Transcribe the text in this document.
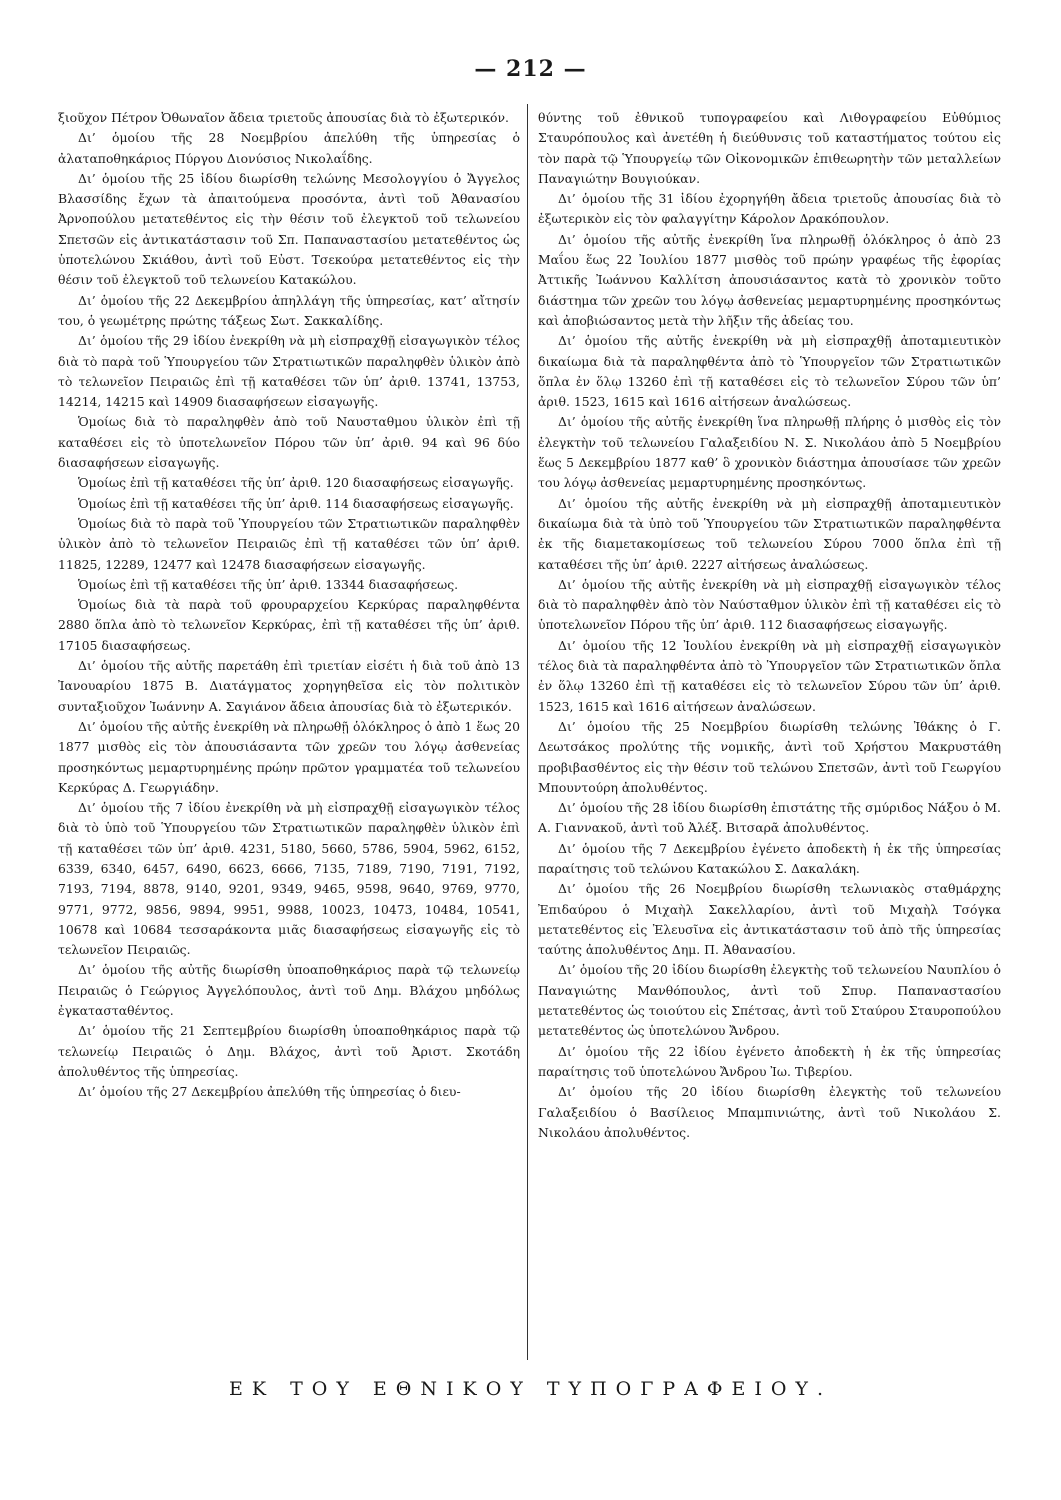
— 212 —

ξιοῦχον Πέτρον Ὀθωναῖον ἄδεια τριετοῦς ἀπουσίας διὰ τὸ ἐξωτερικόν.

Δι’ ὁμοίου τῆς 28 Νοεμβρίου ἀπελύθη τῆς ὑπηρεσίας ὁ ἀλαταποθηκάριος Πύργου Διονύσιος Νικολαΐδης.

Δι’ ὁμοίου τῆς 25 ἰδίου διωρίσθη τελώνης Μεσολογγίου ὁ Ἄγγελος Βλασσίδης ἔχων τὰ ἀπαιτούμενα προσόντα, ἀντὶ τοῦ Ἀθανασίου Ἀρνοπούλου μετατεθέντος εἰς τὴν θέσιν τοῦ ἐλεγκτοῦ τοῦ τελωνείου Σπετσῶν εἰς ἀντικατάστασιν τοῦ Σπ. Παπαναστασίου μετατεθέντος ὡς ὑποτελώνου Σκιάθου, ἀντὶ τοῦ Εὐστ. Τσεκούρα μετατεθέντος εἰς τὴν θέσιν τοῦ ἐλεγκτοῦ τοῦ τελωνείου Κατακώλου.

Δι’ ὁμοίου τῆς 22 Δεκεμβρίου ἀπηλλάγη τῆς ὑπηρεσίας, κατ’ αἴτησίν του, ὁ γεωμέτρης πρώτης τάξεως Σωτ. Σακκαλίδης.

Δι’ ὁμοίου τῆς 29 ἰδίου ἐνεκρίθη νὰ μὴ εἰσπραχθῇ εἰσαγωγικὸν τέλος διὰ τὸ παρὰ τοῦ Ὑπουργείου τῶν Στρατιωτικῶν παραληφθὲν ὑλικὸν ἀπὸ τὸ τελωνεῖον Πειραιῶς ἐπὶ τῇ καταθέσει τῶν ὑπ’ ἀριθ. 13741, 13753, 14214, 14215 καὶ 14909 διασαφήσεων εἰσαγωγῆς.

Ὁμοίως διὰ τὸ παραληφθὲν ἀπὸ τοῦ Ναυσταθμου ὑλικὸν ἐπὶ τῇ καταθέσει εἰς τὸ ὑποτελωνεῖον Πόρου τῶν ὑπ’ ἀριθ. 94 καὶ 96 δύο διασαφήσεων εἰσαγωγῆς.

Ὁμοίως ἐπὶ τῇ καταθέσει τῆς ὑπ’ ἀριθ. 120 διασαφήσεως εἰσαγωγῆς.

Ὁμοίως ἐπὶ τῇ καταθέσει τῆς ὑπ’ ἀριθ. 114 διασαφήσεως εἰσαγωγῆς.

Ὁμοίως διὰ τὸ παρὰ τοῦ Ὑπουργείου τῶν Στρατιωτικῶν παραληφθὲν ὑλικὸν ἀπὸ τὸ τελωνεῖον Πειραιῶς ἐπὶ τῇ καταθέσει τῶν ὑπ’ ἀριθ. 11825, 12289, 12477 καὶ 12478 διασαφήσεων εἰσαγωγῆς.

Ὁμοίως ἐπὶ τῇ καταθέσει τῆς ὑπ’ ἀριθ. 13344 διασαφήσεως.

Ὁμοίως διὰ τὰ παρὰ τοῦ φρουραρχείου Κερκύρας παραληφθέντα 2880 ὅπλα ἀπὸ τὸ τελωνεῖον Κερκύρας, ἐπὶ τῇ καταθέσει τῆς ὑπ’ ἀριθ. 17105 διασαφήσεως.

Δι’ ὁμοίου τῆς αὐτῆς παρετάθη ἐπὶ τριετίαν εἰσέτι ἡ διὰ τοῦ ἀπὸ 13 Ἰανουαρίου 1875 Β. Διατάγματος χορηγηθεῖσα εἰς τὸν πολιτικὸν συνταξιοῦχον Ἰωάννην Α. Σαγιάνον ἄδεια ἀπουσίας διὰ τὸ ἐξωτερικόν.

Δι’ ὁμοίου τῆς αὐτῆς ἐνεκρίθη νὰ πληρωθῇ ὁλόκληρος ὁ ἀπὸ 1 ἕως 20 1877 μισθὸς εἰς τὸν ἀπουσιάσαντα τῶν χρεῶν του λόγῳ ἀσθενείας προσηκόντως μεμαρτυρημένης πρώην πρῶτον γραμματέα τοῦ τελωνείου Κερκύρας Δ. Γεωργιάδην.

Δι’ ὁμοίου τῆς 7 ἰδίου ἐνεκρίθη νὰ μὴ εἰσπραχθῇ εἰσαγωγικὸν τέλος διὰ τὸ ὑπὸ τοῦ Ὑπουργείου τῶν Στρατιωτικῶν παραληφθὲν ὑλικὸν ἐπὶ τῇ καταθέσει τῶν ὑπ’ ἀριθ. 4231, 5180, 5660, 5786, 5904, 5962, 6152, 6339, 6340, 6457, 6490, 6623, 6666, 7135, 7189, 7190, 7191, 7192, 7193, 7194, 8878, 9140, 9201, 9349, 9465, 9598, 9640, 9769, 9770, 9771, 9772, 9856, 9894, 9951, 9988, 10023, 10473, 10484, 10541, 10678 καὶ 10684 τεσσαράκοντα μιᾶς διασαφήσεως εἰσαγωγῆς εἰς τὸ τελωνεῖον Πειραιῶς.

Δι’ ὁμοίου τῆς αὐτῆς διωρίσθη ὑποαποθηκάριος παρὰ τῷ τελωνείῳ Πειραιῶς ὁ Γεώργιος Ἀγγελόπουλος, ἀντὶ τοῦ Δημ. Βλάχου μηδόλως ἐγκατασταθέντος.

Δι’ ὁμοίου τῆς 21 Σεπτεμβρίου διωρίσθη ὑποαποθηκάριος παρὰ τῷ τελωνείῳ Πειραιῶς ὁ Δημ. Βλάχος, ἀντὶ τοῦ Ἀριστ. Σκοτάδη ἀπολυθέντος τῆς ὑπηρεσίας.

Δι’ ὁμοίου τῆς 27 Δεκεμβρίου ἀπελύθη τῆς ὑπηρεσίας ὁ διευ-

θύντης τοῦ ἐθνικοῦ τυπογραφείου καὶ Λιθογραφείου Εὐθύμιος Σταυρόπουλος καὶ ἀνετέθη ἡ διεύθυνσις τοῦ καταστήματος τούτου εἰς τὸν παρὰ τῷ Ὑπουργείῳ τῶν Οἰκονομικῶν ἐπιθεωρητὴν τῶν μεταλλείων Παναγιώτην Βουγιούκαν.

Δι’ ὁμοίου τῆς 31 ἰδίου ἐχορηγήθη ἄδεια τριετοῦς ἀπουσίας διὰ τὸ ἐξωτερικὸν εἰς τὸν φαλαγγίτην Κάρολον Δρακόπουλον.

Δι’ ὁμοίου τῆς αὐτῆς ἐνεκρίθη ἵνα πληρωθῇ ὁλόκληρος ὁ ἀπὸ 23 Μαΐου ἕως 22 Ἰουλίου 1877 μισθὸς τοῦ πρώην γραφέως τῆς ἐφορίας Ἀττικῆς Ἰωάννου Καλλίτση ἀπουσιάσαντος κατὰ τὸ χρονικὸν τοῦτο διάστημα τῶν χρεῶν του λόγῳ ἀσθενείας μεμαρτυρημένης προσηκόντως καὶ ἀποβιώσαντος μετὰ τὴν λῆξιν τῆς ἀδείας του.

Δι’ ὁμοίου τῆς αὐτῆς ἐνεκρίθη νὰ μὴ εἰσπραχθῇ ἀποταμιευτικὸν δικαίωμα διὰ τὰ παραληφθέντα ἀπὸ τὸ Ὑπουργεῖον τῶν Στρατιωτικῶν ὅπλα ἐν ὅλῳ 13260 ἐπὶ τῇ καταθέσει εἰς τὸ τελωνεῖον Σύρου τῶν ὑπ’ ἀριθ. 1523, 1615 καὶ 1616 αἰτήσεων ἀναλώσεως.

Δι’ ὁμοίου τῆς αὐτῆς ἐνεκρίθη ἵνα πληρωθῇ πλήρης ὁ μισθὸς εἰς τὸν ἐλεγκτὴν τοῦ τελωνείου Γαλαξειδίου Ν. Σ. Νικολάου ἀπὸ 5 Νοεμβρίου ἕως 5 Δεκεμβρίου 1877 καθ’ ὃ χρονικὸν διάστημα ἀπουσίασε τῶν χρεῶν του λόγῳ ἀσθενείας μεμαρτυρημένης προσηκόντως.

Δι’ ὁμοίου τῆς αὐτῆς ἐνεκρίθη νὰ μὴ εἰσπραχθῇ ἀποταμιευτικὸν δικαίωμα διὰ τὰ ὑπὸ τοῦ Ὑπουργείου τῶν Στρατιωτικῶν παραληφθέντα ἐκ τῆς διαμετακομίσεως τοῦ τελωνείου Σύρου 7000 ὅπλα ἐπὶ τῇ καταθέσει τῆς ὑπ’ ἀριθ. 2227 αἰτήσεως ἀναλώσεως.

Δι’ ὁμοίου τῆς αὐτῆς ἐνεκρίθη νὰ μὴ εἰσπραχθῇ εἰσαγωγικὸν τέλος διὰ τὸ παραληφθὲν ἀπὸ τὸν Ναύσταθμον ὑλικὸν ἐπὶ τῇ καταθέσει εἰς τὸ ὑποτελωνεῖον Πόρου τῆς ὑπ’ ἀριθ. 112 διασαφήσεως εἰσαγωγῆς.

Δι’ ὁμοίου τῆς 12 Ἰουλίου ἐνεκρίθη νὰ μὴ εἰσπραχθῇ εἰσαγωγικὸν τέλος διὰ τὰ παραληφθέντα ἀπὸ τὸ Ὑπουργεῖον τῶν Στρατιωτικῶν ὅπλα ἐν ὅλῳ 13260 ἐπὶ τῇ καταθέσει εἰς τὸ τελωνεῖον Σύρου τῶν ὑπ’ ἀριθ. 1523, 1615 καὶ 1616 αἰτήσεων ἀναλώσεων.

Δι’ ὁμοίου τῆς 25 Νοεμβρίου διωρίσθη τελώνης Ἰθάκης ὁ Γ. Δεωτσάκος προλύτης τῆς νομικῆς, ἀντὶ τοῦ Χρήστου Μακρυστάθη προβιβασθέντος εἰς τὴν θέσιν τοῦ τελώνου Σπετσῶν, ἀντὶ τοῦ Γεωργίου Μπουντούρη ἀπολυθέντος.

Δι’ ὁμοίου τῆς 28 ἰδίου διωρίσθη ἐπιστάτης τῆς σμύριδος Νάξου ὁ Μ. Α. Γιαννακοῦ, ἀντὶ τοῦ Ἀλέξ. Βιτσαρᾶ ἀπολυθέντος.

Δι’ ὁμοίου τῆς 7 Δεκεμβρίου ἐγένετο ἀποδεκτὴ ἡ ἐκ τῆς ὑπηρεσίας παραίτησις τοῦ τελώνου Κατακώλου Σ. Δακαλάκη.

Δι’ ὁμοίου τῆς 26 Νοεμβρίου διωρίσθη τελωνιακὸς σταθμάρχης Ἐπιδαύρου ὁ Μιχαὴλ Σακελλαρίου, ἀντὶ τοῦ Μιχαὴλ Τσόγκα μετατεθέντος εἰς Ἐλευσῖνα εἰς ἀντικατάστασιν τοῦ ἀπὸ τῆς ὑπηρεσίας ταύτης ἀπολυθέντος Δημ. Π. Ἀθανασίου.

Δι’ ὁμοίου τῆς 20 ἰδίου διωρίσθη ἐλεγκτὴς τοῦ τελωνείου Ναυπλίου ὁ Παναγιώτης Μανθόπουλος, ἀντὶ τοῦ Σπυρ. Παπαναστασίου μετατεθέντος ὡς τοιούτου εἰς Σπέτσας, ἀντὶ τοῦ Σταύρου Σταυροπούλου μετατεθέντος ὡς ὑποτελώνου Ἄνδρου.

Δι’ ὁμοίου τῆς 22 ἰδίου ἐγένετο ἀποδεκτὴ ἡ ἐκ τῆς ὑπηρεσίας παραίτησις τοῦ ὑποτελώνου Ἄνδρου Ἰω. Τιβερίου.

Δι’ ὁμοίου τῆς 20 ἰδίου διωρίσθη ἐλεγκτὴς τοῦ τελωνείου Γαλαξειδίου ὁ Βασίλειος Μπαμπινιώτης, ἀντὶ τοῦ Νικολάου Σ. Νικολάου ἀπολυθέντος.

ΕΚ ΤΟΥ ΕΘΝΙΚΟΥ ΤΥΠΟΓΡΑΦΕΙΟΥ.
